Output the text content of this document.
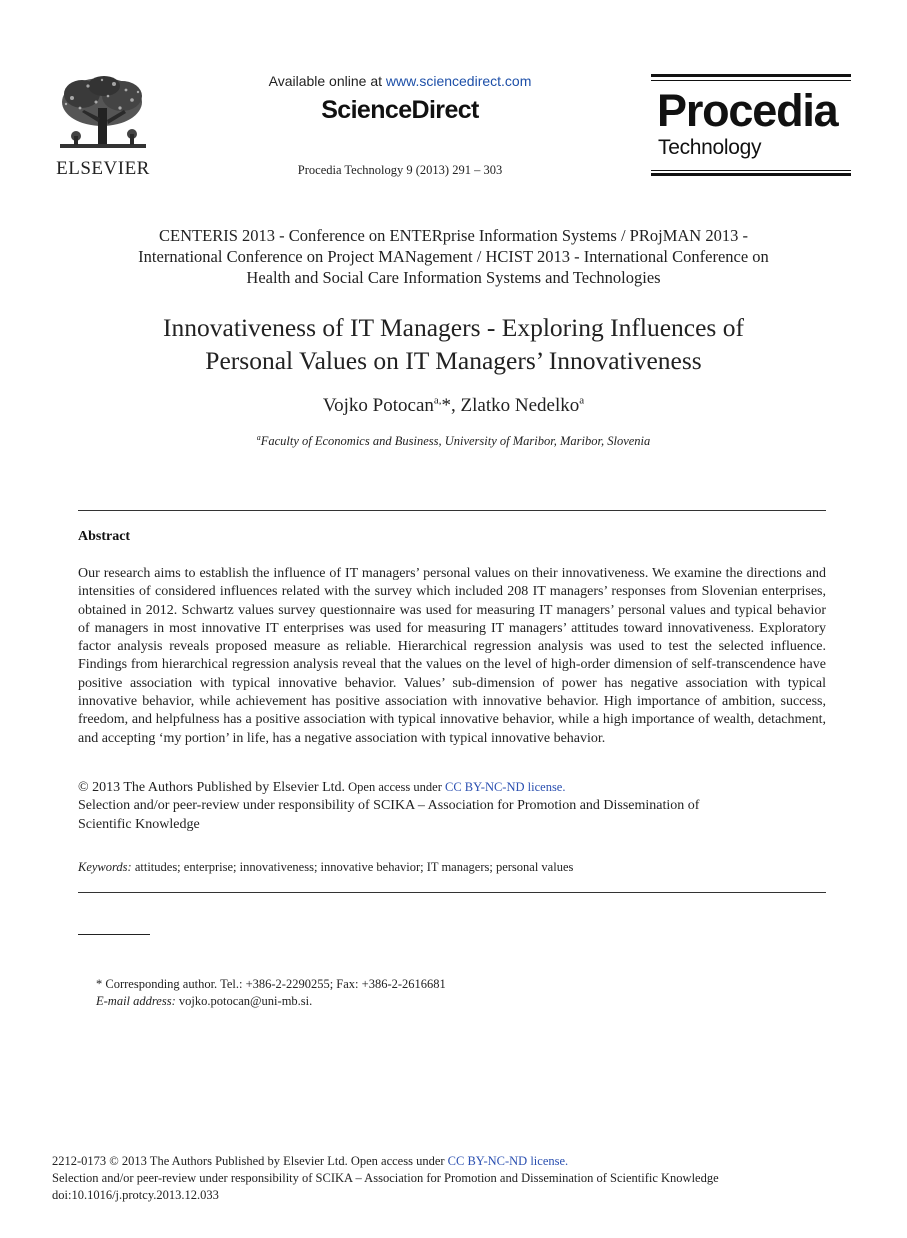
ELSEVIER
Available online at www.sciencedirect.com
ScienceDirect
Procedia Technology 9 (2013) 291 – 303
Procedia
Technology
CENTERIS 2013 - Conference on ENTERprise Information Systems / PRojMAN 2013 -
International Conference on Project MANagement / HCIST 2013 - International Conference on
Health and Social Care Information Systems and Technologies
Innovativeness of IT Managers - Exploring Influences of
Personal Values on IT Managers’ Innovativeness
Vojko Potocan$^{a,}$*, Zlatko Nedelko$^a$
$^a$Faculty of Economics and Business, University of Maribor, Maribor, Slovenia
Abstract
Our research aims to establish the influence of IT managers’ personal values on their innovativeness. We examine the directions and intensities of considered influences related with the survey which included 208 IT managers’ responses from Slovenian enterprises, obtained in 2012. Schwartz values survey questionnaire was used for measuring IT managers’ personal values and typical behavior of managers in most innovative IT enterprises was used for measuring IT managers’ attitudes toward innovativeness. Exploratory factor analysis reveals proposed measure as reliable. Hierarchical regression analysis was used to test the selected influence. Findings from hierarchical regression analysis reveal that the values on the level of high-order dimension of self-transcendence have positive association with typical innovative behavior. Values’ sub-dimension of power has negative association with typical innovative behavior, while achievement has positive association with innovative behavior. High importance of ambition, success, freedom, and helpfulness has a positive association with typical innovative behavior, while a high importance of wealth, detachment, and accepting ‘my portion’ in life, has a negative association with typical innovative behavior.
© 2013 The Authors Published by Elsevier Ltd. Open access under CC BY-NC-ND license.
Selection and/or peer-review under responsibility of SCIKA – Association for Promotion and Dissemination of
Scientific Knowledge
Keywords: attitudes; enterprise; innovativeness; innovative behavior; IT managers; personal values
* Corresponding author. Tel.: +386-2-2290255; Fax: +386-2-2616681
E-mail address: vojko.potocan@uni-mb.si.
2212-0173 © 2013 The Authors Published by Elsevier Ltd. Open access under CC BY-NC-ND license.
Selection and/or peer-review under responsibility of SCIKA – Association for Promotion and Dissemination of Scientific Knowledge
doi:10.1016/j.protcy.2013.12.033
